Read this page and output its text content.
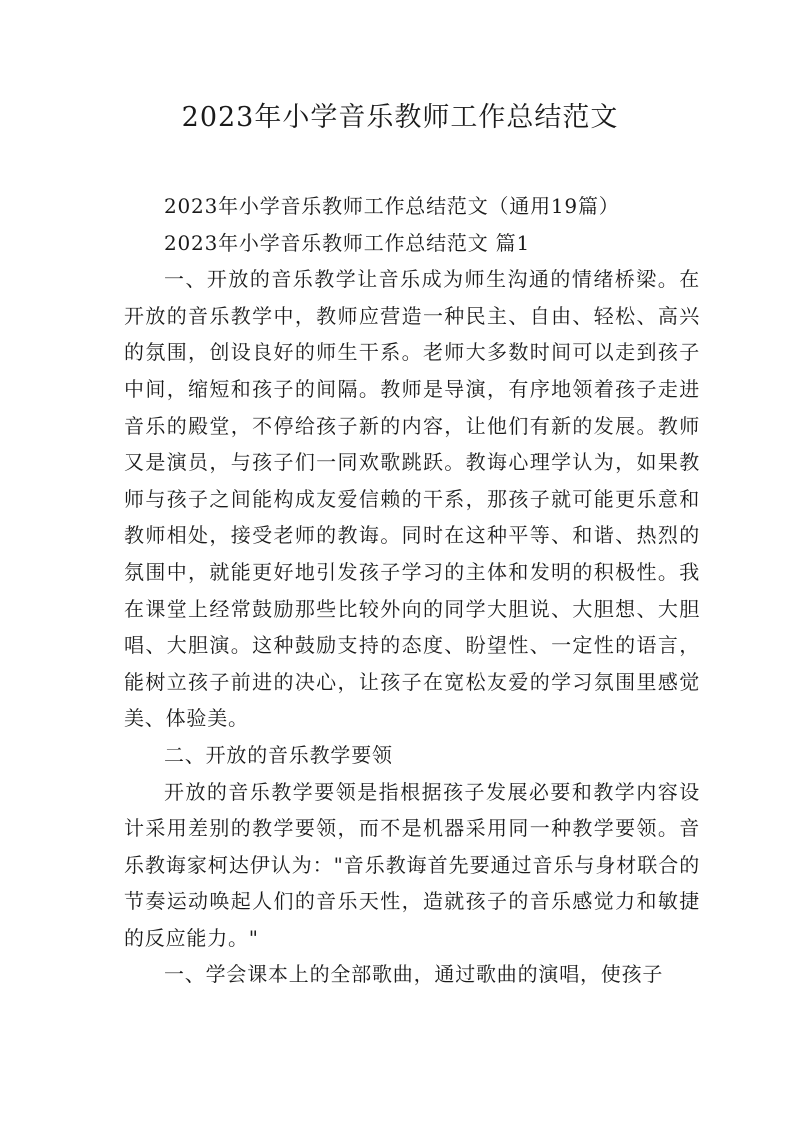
2023年小学音乐教师工作总结范文

2023年小学音乐教师工作总结范文（通用19篇）

2023年小学音乐教师工作总结范文 篇1

一、开放的音乐教学让音乐成为师生沟通的情绪桥梁。在开放的音乐教学中，教师应营造一种民主、自由、轻松、高兴的氛围，创设良好的师生干系。老师大多数时间可以走到孩子中间，缩短和孩子的间隔。教师是导演，有序地领着孩子走进音乐的殿堂，不停给孩子新的内容，让他们有新的发展。教师又是演员，与孩子们一同欢歌跳跃。教诲心理学认为，如果教师与孩子之间能构成友爱信赖的干系，那孩子就可能更乐意和教师相处，接受老师的教诲。同时在这种平等、和谐、热烈的氛围中，就能更好地引发孩子学习的主体和发明的积极性。我在课堂上经常鼓励那些比较外向的同学大胆说、大胆想、大胆唱、大胆演。这种鼓励支持的态度、盼望性、一定性的语言，能树立孩子前进的决心，让孩子在宽松友爱的学习氛围里感觉美、体验美。

二、开放的音乐教学要领

开放的音乐教学要领是指根据孩子发展必要和教学内容设计采用差别的教学要领，而不是机器采用同一种教学要领。音乐教诲家柯达伊认为："音乐教诲首先要通过音乐与身材联合的节奏运动唤起人们的音乐天性，造就孩子的音乐感觉力和敏捷的反应能力。"

一、学会课本上的全部歌曲，通过歌曲的演唱，使孩子
